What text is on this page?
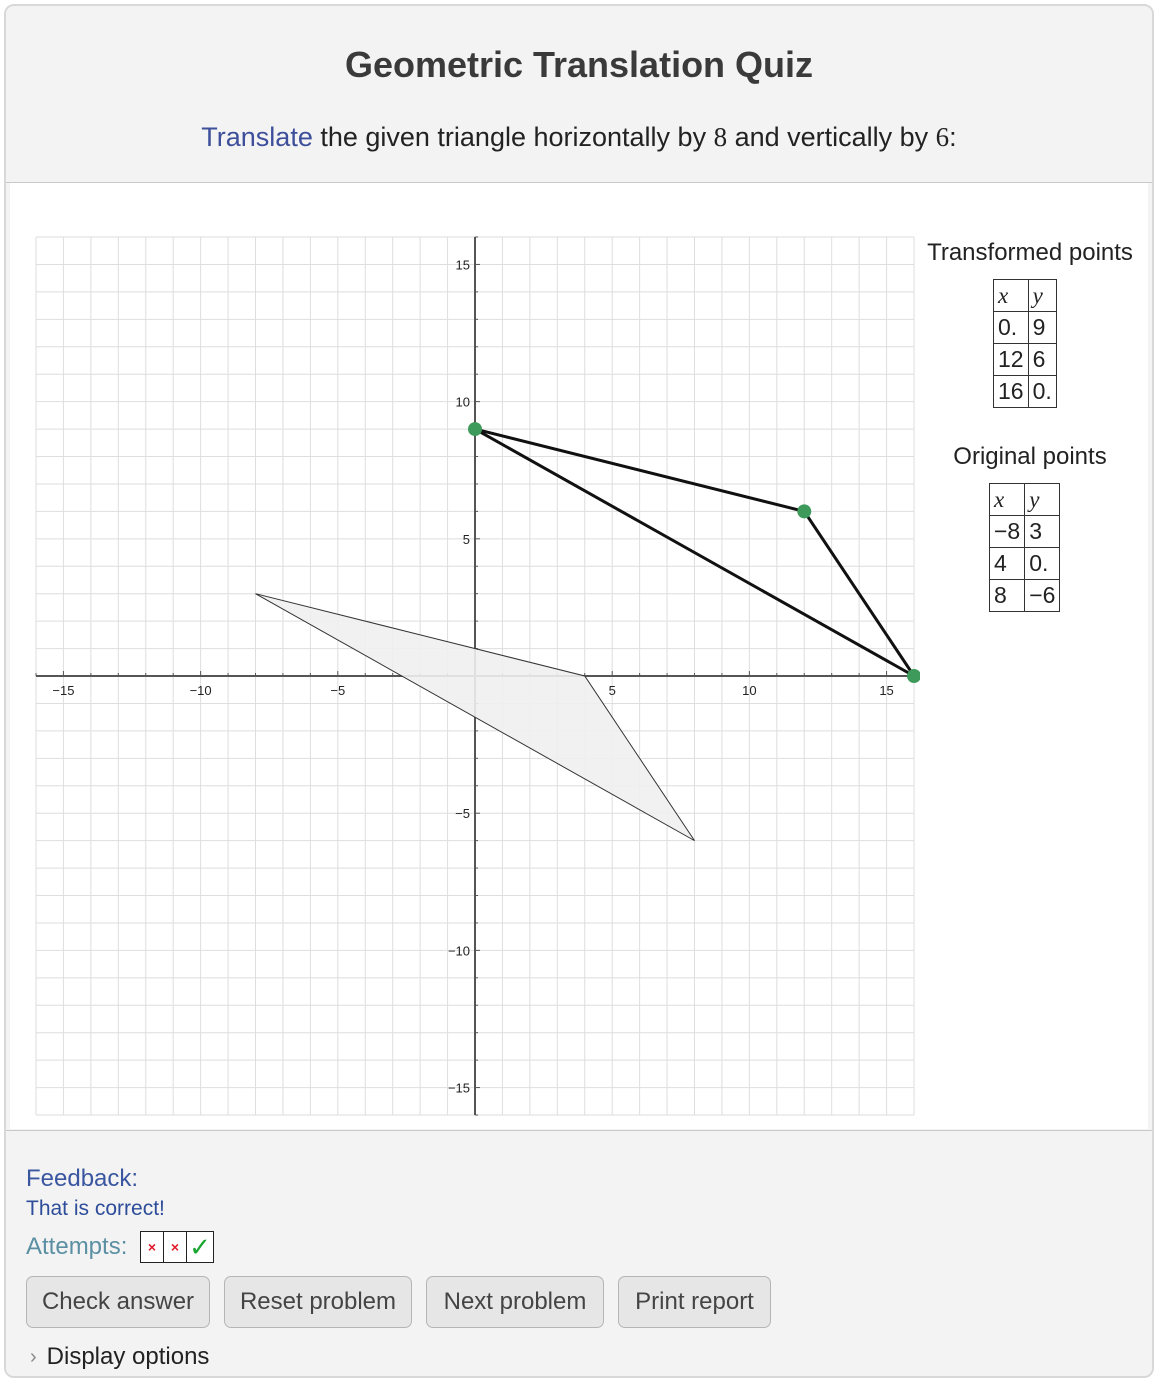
Geometric Translation Quiz
Translate the given triangle horizontally by 8 and vertically by 6:
−15	−10	−5	5	10	15
15
10
5
−5
−10
−15
Transformed points
x	y
0.	9
12	6
16	0.
Original points
x	y
−8	3
4	0.
8	−6
Feedback:
That is correct!
Attempts:	×	× ✓
Check answer	Reset problem	Next problem	Print report
› Display options
